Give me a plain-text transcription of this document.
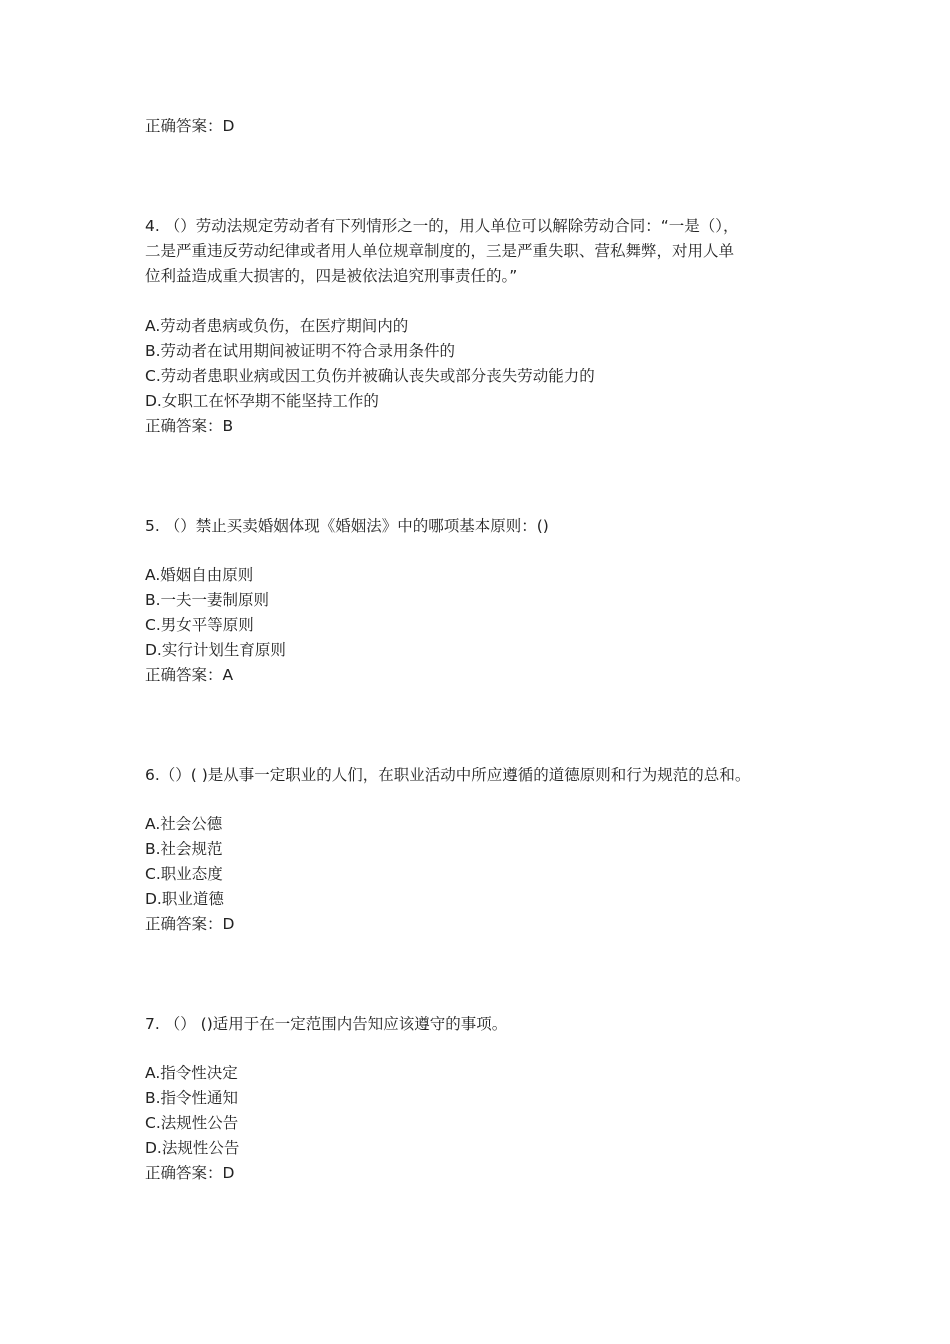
正确答案：D
4. （）劳动法规定劳动者有下列情形之一的，用人单位可以解除劳动合同：“一是（），
二是严重违反劳动纪律或者用人单位规章制度的，三是严重失职、营私舞弊，对用人单
位利益造成重大损害的，四是被依法追究刑事责任的。”
A.劳动者患病或负伤，在医疗期间内的
B.劳动者在试用期间被证明不符合录用条件的
C.劳动者患职业病或因工负伤并被确认丧失或部分丧失劳动能力的
D.女职工在怀孕期不能坚持工作的
正确答案：B
5. （）禁止买卖婚姻体现《婚姻法》中的哪项基本原则：()
A.婚姻自由原则
B.一夫一妻制原则
C.男女平等原则
D.实行计划生育原则
正确答案：A
6.（）( )是从事一定职业的人们，在职业活动中所应遵循的道德原则和行为规范的总和。
A.社会公德
B.社会规范
C.职业态度
D.职业道德
正确答案：D
7. （） ()适用于在一定范围内告知应该遵守的事项。
A.指令性决定
B.指令性通知
C.法规性公告
D.法规性公告
正确答案：D
